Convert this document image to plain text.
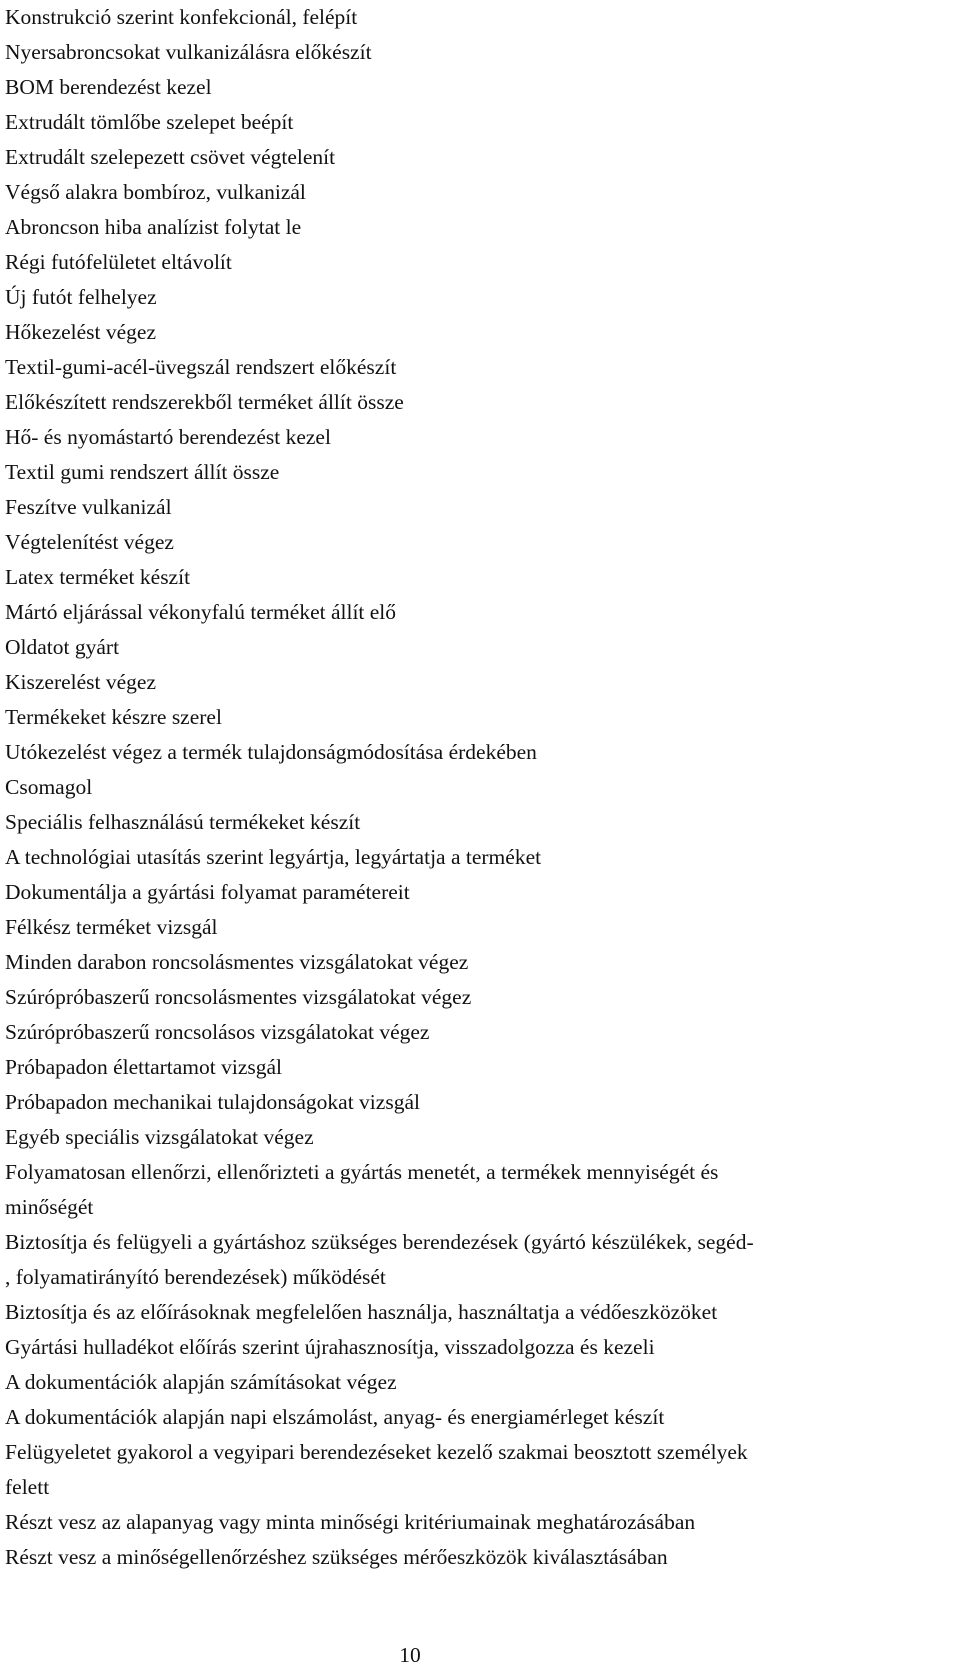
Konstrukció szerint konfekcionál, felépít
Nyersabroncsokat vulkanizálásra előkészít
BOM berendezést kezel
Extrudált tömlőbe szelepet beépít
Extrudált szelepezett csövet végtelenít
Végső alakra bombíroz, vulkanizál
Abroncson hiba analízist folytat le
Régi futófelületet eltávolít
Új futót felhelyez
Hőkezelést végez
Textil-gumi-acél-üvegszál rendszert előkészít
Előkészített rendszerekből terméket állít össze
Hő- és nyomástartó berendezést kezel
Textil gumi rendszert állít össze
Feszítve vulkanizál
Végtelenítést végez
Latex terméket készít
Mártó eljárással vékonyfalú terméket állít elő
Oldatot gyárt
Kiszerelést végez
Termékeket készre szerel
Utókezelést végez a termék tulajdonságmódosítása érdekében
Csomagol
Speciális felhasználású termékeket készít
A technológiai utasítás szerint legyártja, legyártatja a terméket
Dokumentálja a gyártási folyamat paramétereit
Félkész terméket vizsgál
Minden darabon roncsolásmentes vizsgálatokat végez
Szúrópróbaszerű roncsolásmentes vizsgálatokat végez
Szúrópróbaszerű roncsolásos vizsgálatokat végez
Próbapadon élettartamot vizsgál
Próbapadon mechanikai tulajdonságokat vizsgál
Egyéb speciális vizsgálatokat végez
Folyamatosan ellenőrzi, ellenőrizteti a gyártás menetét, a termékek mennyiségét és
minőségét
Biztosítja és felügyeli a gyártáshoz szükséges berendezések (gyártó készülékek, segéd-
, folyamatirányító berendezések) működését
Biztosítja és az előírásoknak megfelelően használja, használtatja a védőeszközöket
Gyártási hulladékot előírás szerint újrahasznosítja, visszadolgozza és kezeli
A dokumentációk alapján számításokat végez
A dokumentációk alapján napi elszámolást, anyag- és energiamérleget készít
Felügyeletet gyakorol a vegyipari berendezéseket kezelő szakmai beosztott személyek
felett
Részt vesz az alapanyag vagy minta minőségi kritériumainak meghatározásában
Részt vesz a minőségellenőrzéshez szükséges mérőeszközök kiválasztásában
10
